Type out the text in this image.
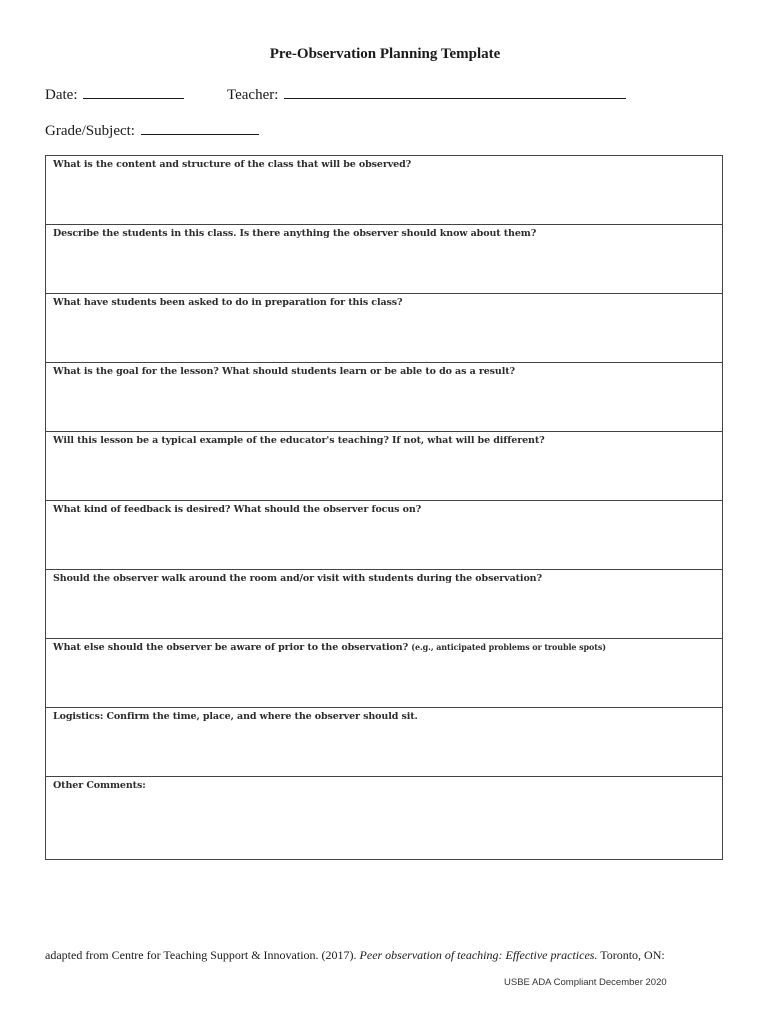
Pre-Observation Planning Template
Date:	Teacher:
Grade/Subject:
What is the content and structure of the class that will be observed?
Describe the students in this class. Is there anything the observer should know about them?
What have students been asked to do in preparation for this class?
What is the goal for the lesson? What should students learn or be able to do as a result?
Will this lesson be a typical example of the educator's teaching? If not, what will be different?
What kind of feedback is desired? What should the observer focus on?
Should the observer walk around the room and/or visit with students during the observation?
What else should the observer be aware of prior to the observation? (e.g., anticipated problems or trouble spots)
Logistics: Confirm the time, place, and where the observer should sit.
Other Comments:
adapted from Centre for Teaching Support & Innovation. (2017). Peer observation of teaching: Effective practices. Toronto, ON:
USBE ADA Compliant December 2020
